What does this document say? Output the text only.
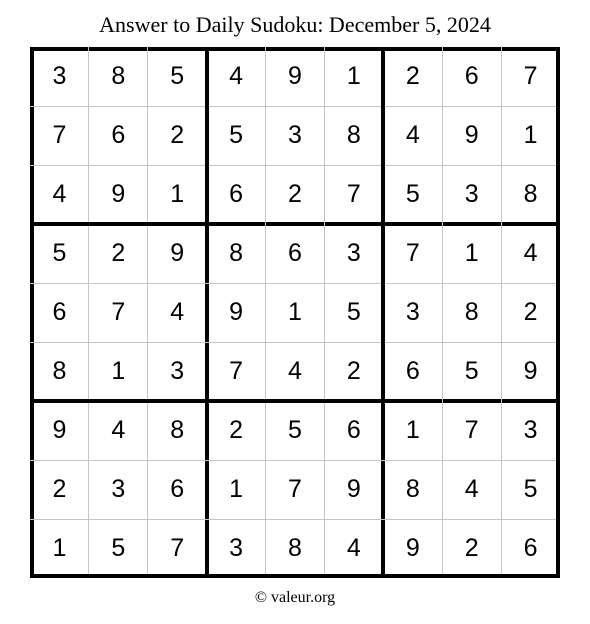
Answer to Daily Sudoku: December 5, 2024
3	8	5	4	9	1	2	6	7
7	6	2	5	3	8	4	9	1
4	9	1	6	2	7	5	3	8
5	2	9	8	6	3	7	1	4
6	7	4	9	1	5	3	8	2
8	1	3	7	4	2	6	5	9
9	4	8	2	5	6	1	7	3
2	3	6	1	7	9	8	4	5
1	5	7	3	8	4	9	2	6
© valeur.org
